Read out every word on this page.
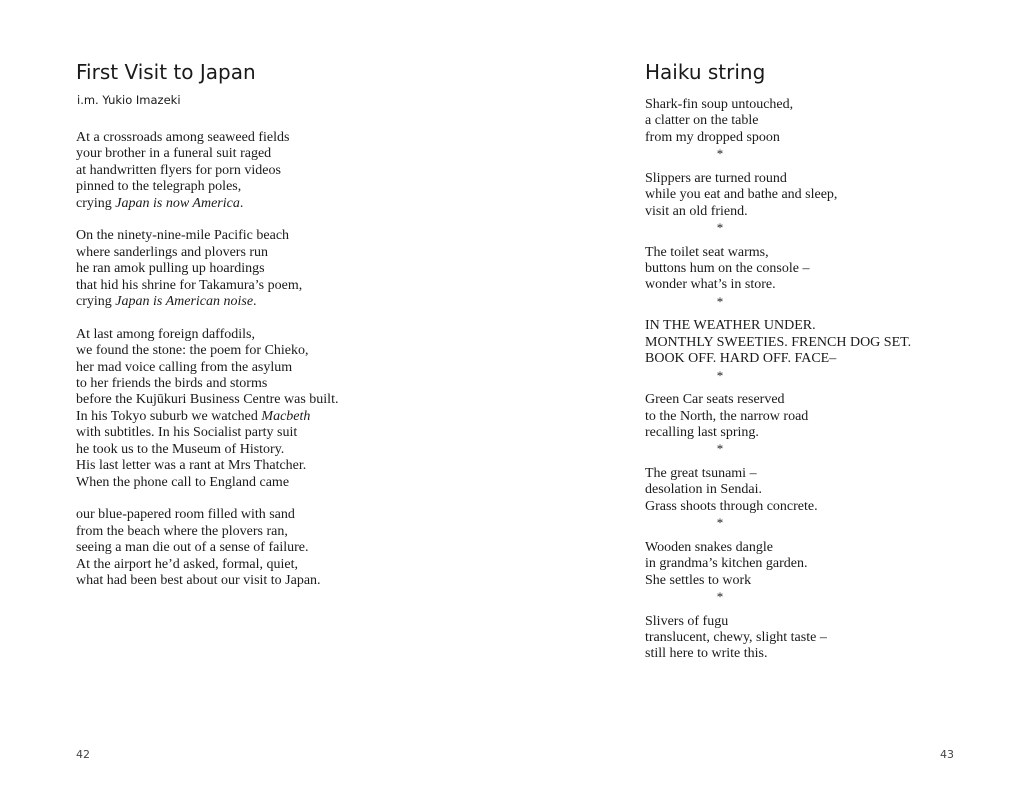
First Visit to Japan
i.m. Yukio Imazeki
At a crossroads among seaweed fields
your brother in a funeral suit raged
at handwritten flyers for porn videos
pinned to the telegraph poles,
crying Japan is now America.
On the ninety-nine-mile Pacific beach
where sanderlings and plovers run
he ran amok pulling up hoardings
that hid his shrine for Takamura’s poem,
crying Japan is American noise.
At last among foreign daffodils,
we found the stone: the poem for Chieko,
her mad voice calling from the asylum
to her friends the birds and storms
before the Kujūkuri Business Centre was built.
In his Tokyo suburb we watched Macbeth
with subtitles. In his Socialist party suit
he took us to the Museum of History.
His last letter was a rant at Mrs Thatcher.
When the phone call to England came
our blue-papered room filled with sand
from the beach where the plovers ran,
seeing a man die out of a sense of failure.
At the airport he’d asked, formal, quiet,
what had been best about our visit to Japan.
42
Haiku string
Shark-fin soup untouched,
a clatter on the table
from my dropped spoon
*
Slippers are turned round
while you eat and bathe and sleep,
visit an old friend.
*
The toilet seat warms,
buttons hum on the console –
wonder what’s in store.
*
IN THE WEATHER UNDER.
MONTHLY SWEETIES. FRENCH DOG SET.
BOOK OFF. HARD OFF. FACE–
*
Green Car seats reserved
to the North, the narrow road
recalling last spring.
*
The great tsunami –
desolation in Sendai.
Grass shoots through concrete.
*
Wooden snakes dangle
in grandma’s kitchen garden.
She settles to work
*
Slivers of fugu
translucent, chewy, slight taste –
still here to write this.
43
